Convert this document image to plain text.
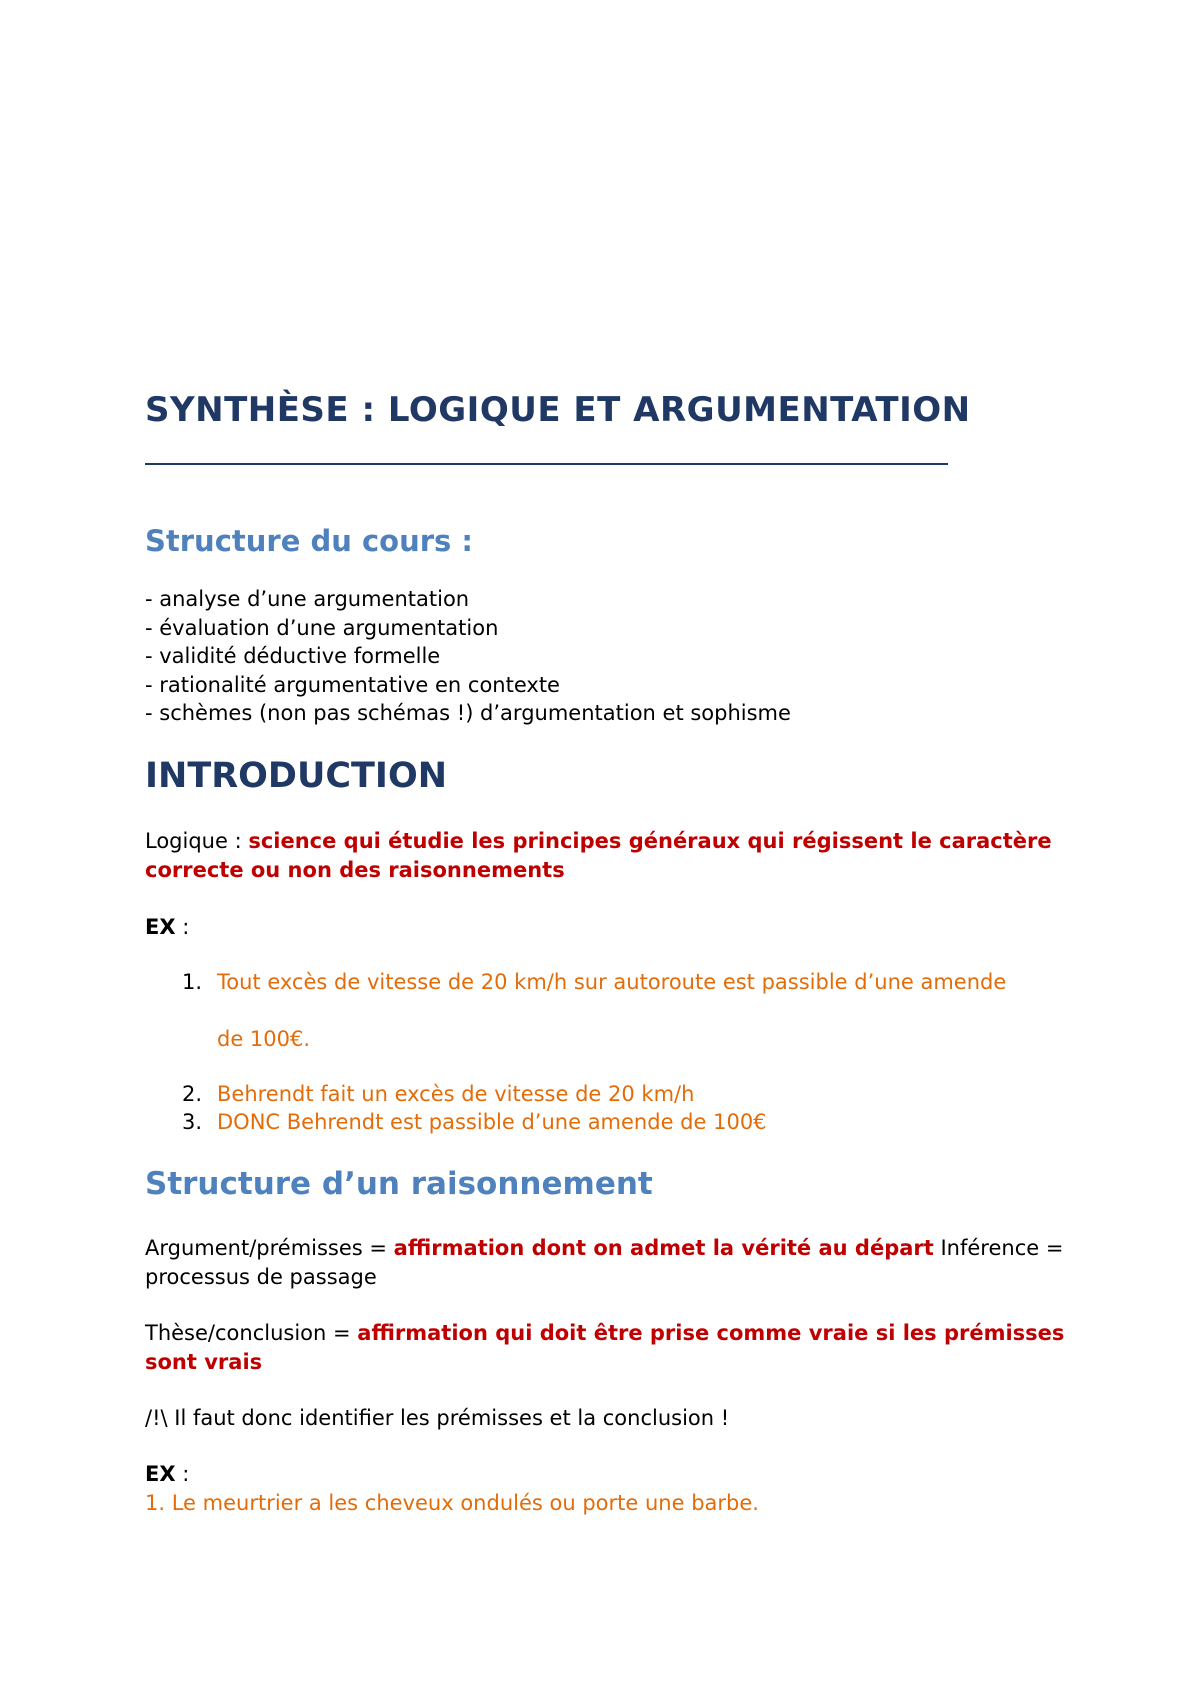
SYNTHÈSE : LOGIQUE ET ARGUMENTATION
Structure du cours :
- analyse d’une argumentation
- évaluation d’une argumentation
- validité déductive formelle
- rationalité argumentative en contexte
- schèmes (non pas schémas !) d’argumentation et sophisme
INTRODUCTION

Logique : science qui étudie les principes généraux qui régissent le caractère
correcte ou non des raisonnements

EX :

1. Tout excès de vitesse de 20 km/h sur autoroute est passible d’une amende
de 100€.
2. Behrendt fait un excès de vitesse de 20 km/h
3. DONC Behrendt est passible d’une amende de 100€
Structure d’un raisonnement

Argument/prémisses = affirmation dont on admet la vérité au départ Inférence =
processus de passage

Thèse/conclusion = affirmation qui doit être prise comme vraie si les prémisses
sont vrais

/!\ Il faut donc identifier les prémisses et la conclusion !

EX :
1. Le meurtrier a les cheveux ondulés ou porte une barbe.
